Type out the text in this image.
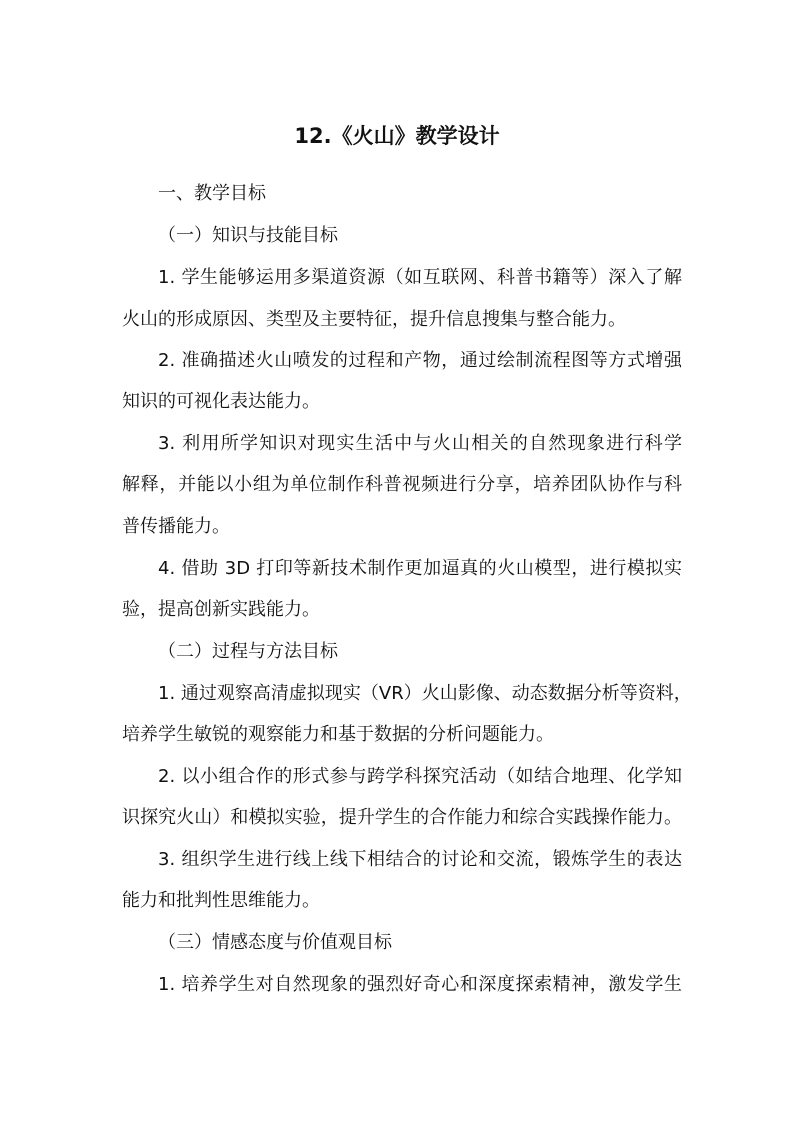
12.《火山》教学设计
一、教学目标
（一）知识与技能目标
1. 学生能够运用多渠道资源（如互联网、科普书籍等）深入了解
火山的形成原因、类型及主要特征，提升信息搜集与整合能力。
2. 准确描述火山喷发的过程和产物，通过绘制流程图等方式增强
知识的可视化表达能力。
3. 利用所学知识对现实生活中与火山相关的自然现象进行科学
解释，并能以小组为单位制作科普视频进行分享，培养团队协作与科
普传播能力。
4. 借助 3D 打印等新技术制作更加逼真的火山模型，进行模拟实
验，提高创新实践能力。
（二）过程与方法目标
1. 通过观察高清虚拟现实（VR）火山影像、动态数据分析等资料，
培养学生敏锐的观察能力和基于数据的分析问题能力。
2. 以小组合作的形式参与跨学科探究活动（如结合地理、化学知
识探究火山）和模拟实验，提升学生的合作能力和综合实践操作能力。
3. 组织学生进行线上线下相结合的讨论和交流，锻炼学生的表达
能力和批判性思维能力。
（三）情感态度与价值观目标
1. 培养学生对自然现象的强烈好奇心和深度探索精神，激发学生
